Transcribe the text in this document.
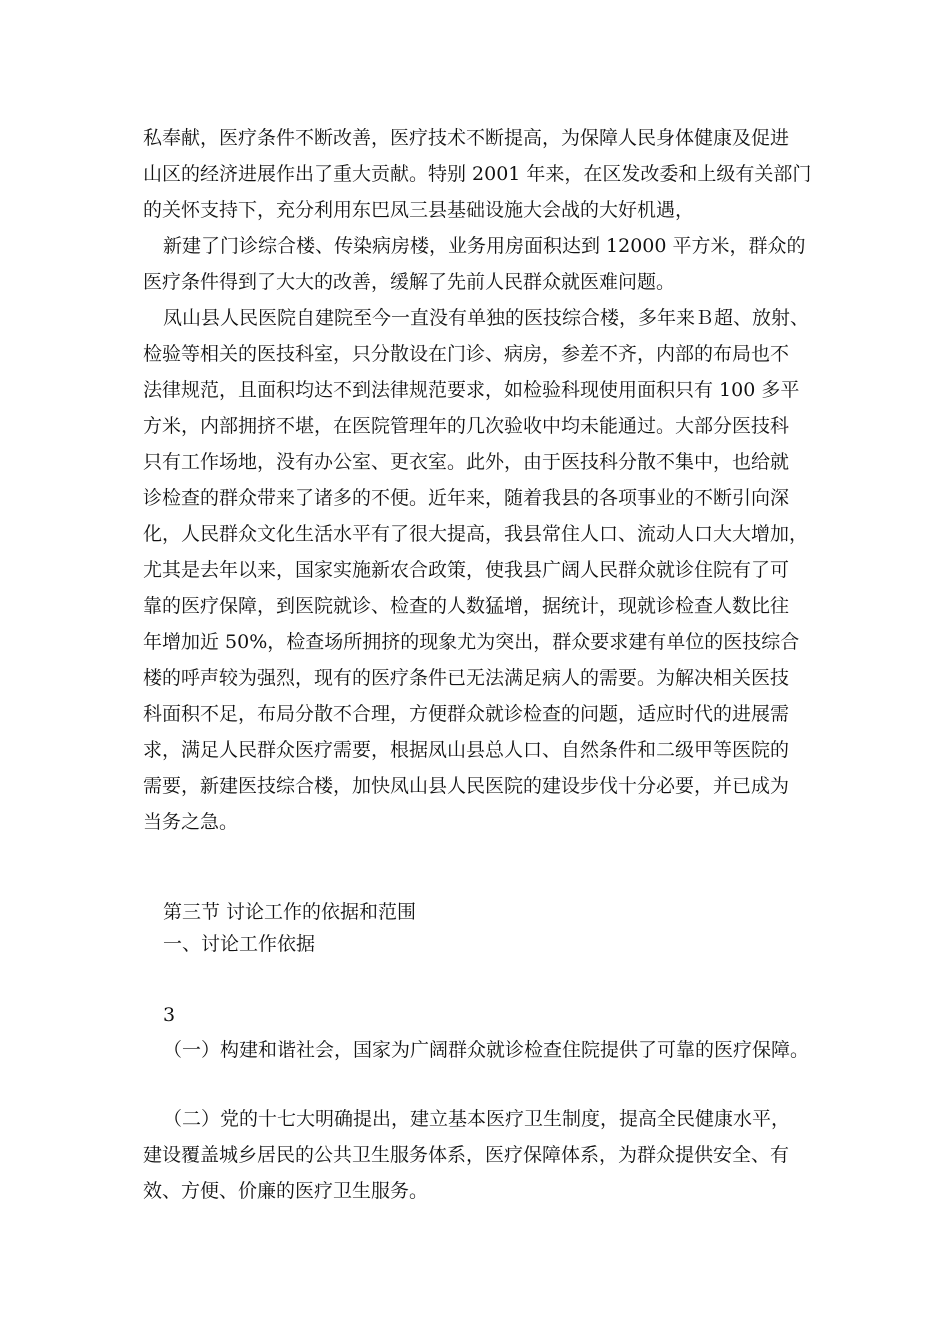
私奉献，医疗条件不断改善，医疗技术不断提高，为保障人民身体健康及促进
山区的经济进展作出了重大贡献。特别 2001 年来，在区发改委和上级有关部门
的关怀支持下，充分利用东巴凤三县基础设施大会战的大好机遇，
新建了门诊综合楼、传染病房楼，业务用房面积达到 12000 平方米，群众的
医疗条件得到了大大的改善，缓解了先前人民群众就医难问题。
凤山县人民医院自建院至今一直没有单独的医技综合楼，多年来Ｂ超、放射、
检验等相关的医技科室，只分散设在门诊、病房，参差不齐，内部的布局也不
法律规范，且面积均达不到法律规范要求，如检验科现使用面积只有 100 多平
方米，内部拥挤不堪，在医院管理年的几次验收中均未能通过。大部分医技科
只有工作场地，没有办公室、更衣室。此外，由于医技科分散不集中，也给就
诊检查的群众带来了诸多的不便。近年来，随着我县的各项事业的不断引向深
化，人民群众文化生活水平有了很大提高，我县常住人口、流动人口大大增加，
尤其是去年以来，国家实施新农合政策，使我县广阔人民群众就诊住院有了可
靠的医疗保障，到医院就诊、检查的人数猛增，据统计，现就诊检查人数比往
年增加近 50%，检查场所拥挤的现象尤为突出，群众要求建有单位的医技综合
楼的呼声较为强烈，现有的医疗条件已无法满足病人的需要。为解决相关医技
科面积不足，布局分散不合理，方便群众就诊检查的问题，适应时代的进展需
求，满足人民群众医疗需要，根据凤山县总人口、自然条件和二级甲等医院的
需要，新建医技综合楼，加快凤山县人民医院的建设步伐十分必要，并已成为
当务之急。
第三节 讨论工作的依据和范围
一、讨论工作依据
3
（一）构建和谐社会，国家为广阔群众就诊检查住院提供了可靠的医疗保障。
（二）党的十七大明确提出，建立基本医疗卫生制度，提高全民健康水平，
建设覆盖城乡居民的公共卫生服务体系，医疗保障体系，为群众提供安全、有
效、方便、价廉的医疗卫生服务。
